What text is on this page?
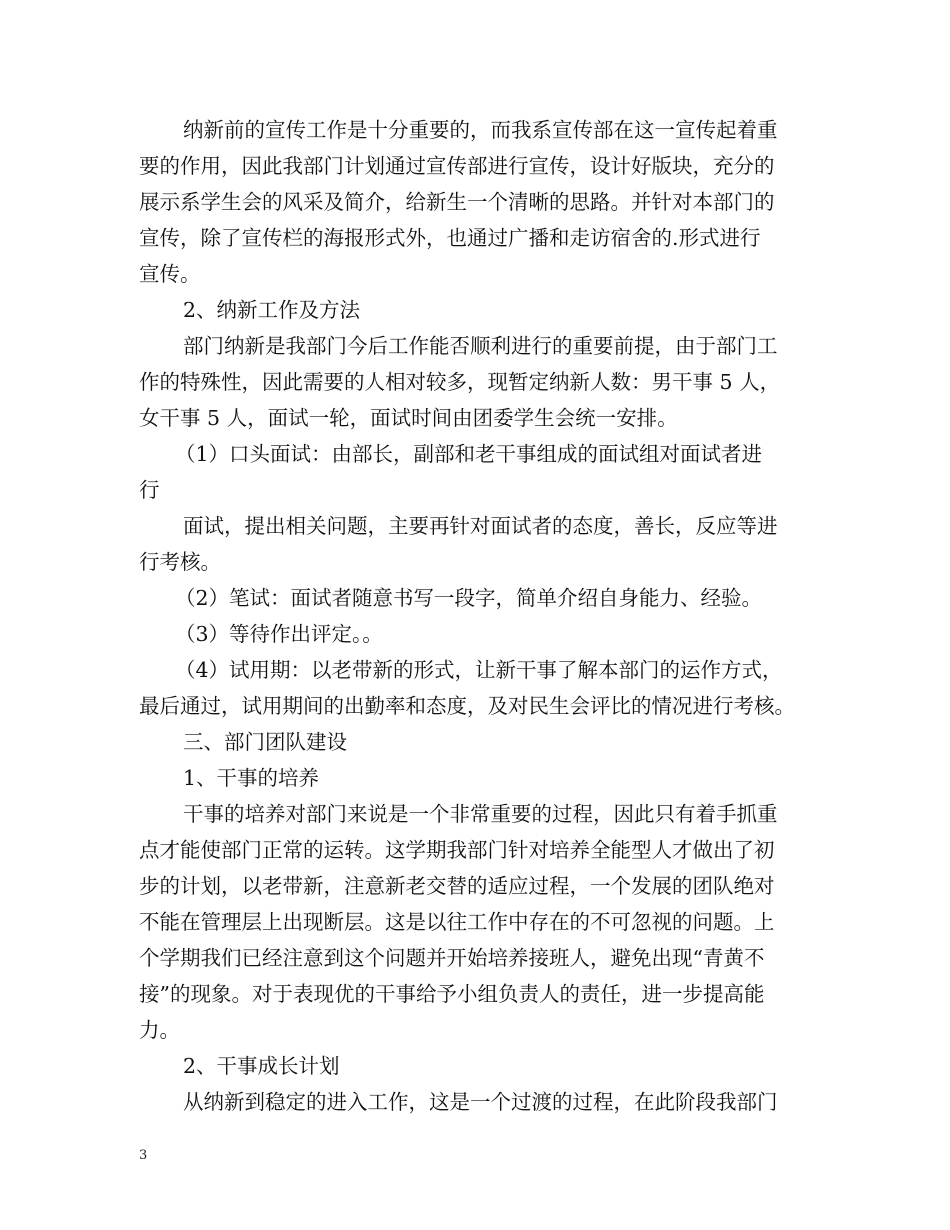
纳新前的宣传工作是十分重要的，而我系宣传部在这一宣传起着重
要的作用，因此我部门计划通过宣传部进行宣传，设计好版块，充分的
展示系学生会的风采及简介，给新生一个清晰的思路。并针对本部门的
宣传，除了宣传栏的海报形式外，也通过广播和走访宿舍的.形式进行
宣传。
2、纳新工作及方法
部门纳新是我部门今后工作能否顺利进行的重要前提，由于部门工
作的特殊性，因此需要的人相对较多，现暂定纳新人数：男干事 5 人，
女干事 5 人，面试一轮，面试时间由团委学生会统一安排。
（1）口头面试：由部长，副部和老干事组成的面试组对面试者进
行
面试，提出相关问题，主要再针对面试者的态度，善长，反应等进
行考核。
（2）笔试：面试者随意书写一段字，简单介绍自身能力、经验。
（3）等待作出评定。。
（4）试用期：以老带新的形式，让新干事了解本部门的运作方式，
最后通过，试用期间的出勤率和态度，及对民生会评比的情况进行考核。
三、部门团队建设
1、干事的培养
干事的培养对部门来说是一个非常重要的过程，因此只有着手抓重
点才能使部门正常的运转。这学期我部门针对培养全能型人才做出了初
步的计划，以老带新，注意新老交替的适应过程，一个发展的团队绝对
不能在管理层上出现断层。这是以往工作中存在的不可忽视的问题。上
个学期我们已经注意到这个问题并开始培养接班人，避免出现“青黄不
接”的现象。对于表现优的干事给予小组负责人的责任，进一步提高能
力。
2、干事成长计划
从纳新到稳定的进入工作，这是一个过渡的过程，在此阶段我部门
3
